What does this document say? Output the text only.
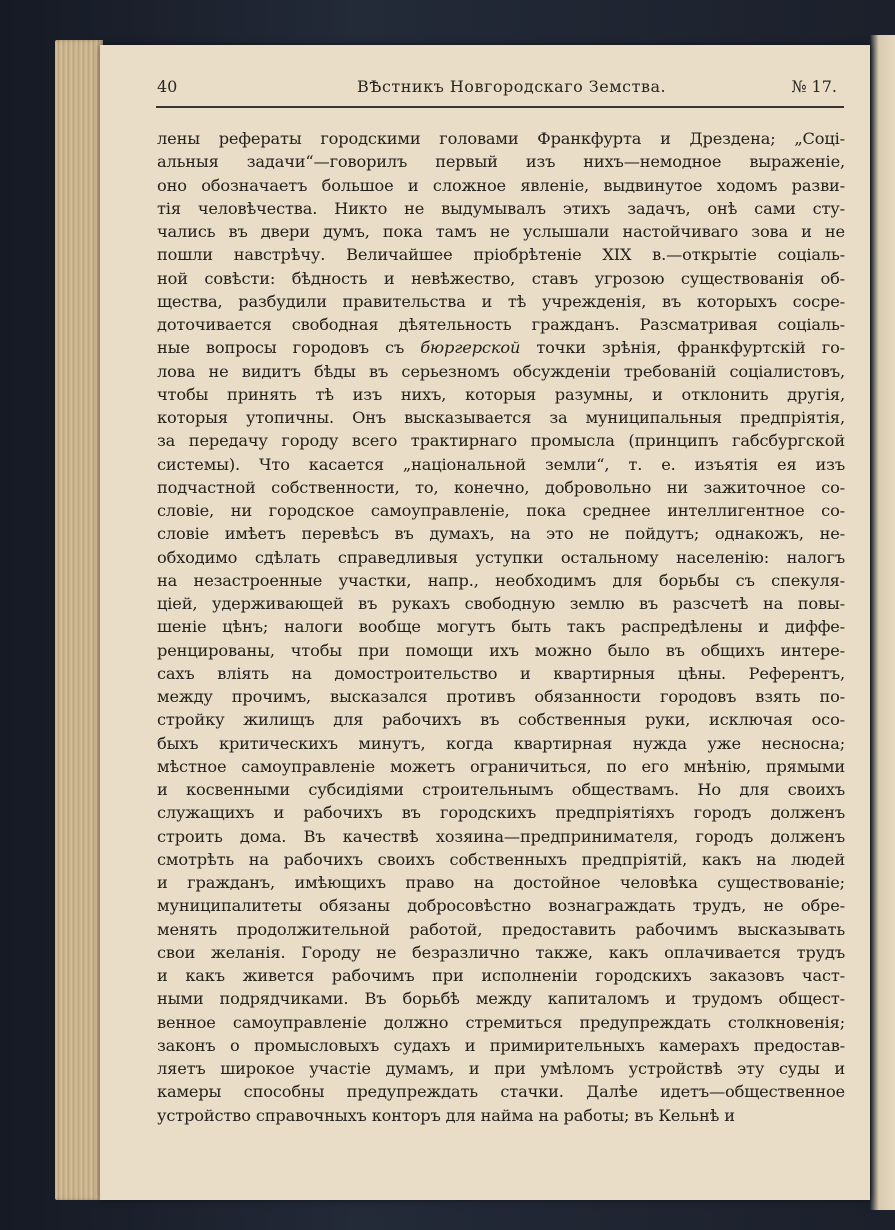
40	ВѢстникъ Новгородскаго Земства.	№ 17.
лены рефераты городскими головами Франкфурта и Дрездена; „Соці-
альныя задачи“—говорилъ первый изъ нихъ—немодное выраженіе,
оно обозначаетъ большое и сложное явленіе, выдвинутое ходомъ разви-
тія человѣчества. Никто не выдумывалъ этихъ задачъ, онѣ сами сту-
чались въ двери думъ, пока тамъ не услышали настойчиваго зова и не
пошли навстрѣчу. Величайшее пріобрѣтеніе XIX в.—открытіе соціаль-
ной совѣсти: бѣдность и невѣжество, ставъ угрозою существованія об-
щества, разбудили правительства и тѣ учрежденія, въ которыхъ сосре-
доточивается свободная дѣятельность гражданъ. Разсматривая соціаль-
ные вопросы городовъ съ бюргерской точки зрѣнія, франкфуртскій го-
лова не видитъ бѣды въ серьезномъ обсужденіи требованій соціалистовъ,
чтобы принять тѣ изъ нихъ, которыя разумны, и отклонить другія,
которыя утопичны. Онъ высказывается за муниципальныя предпріятія,
за передачу городу всего трактирнаго промысла (принципъ габсбургской
системы). Что касается „національной земли“, т. е. изъятія ея изъ
подчастной собственности, то, конечно, добровольно ни зажиточное со-
словіе, ни городское самоуправленіе, пока среднее интеллигентное со-
словіе имѣетъ перевѣсъ въ думахъ, на это не пойдутъ; однакожъ, не-
обходимо сдѣлать справедливыя уступки остальному населенію: налогъ
на незастроенные участки, напр., необходимъ для борьбы съ спекуля-
ціей, удерживающей въ рукахъ свободную землю въ разсчетѣ на повы-
шеніе цѣнъ; налоги вообще могутъ быть такъ распредѣлены и диффе-
ренцированы, чтобы при помощи ихъ можно было въ общихъ интере-
сахъ влiять на домостроительство и квартирныя цѣны. Референтъ,
между прочимъ, высказался противъ обязанности городовъ взять по-
стройку жилищъ для рабочихъ въ собственныя руки, исключая осо-
быхъ критическихъ минутъ, когда квартирная нужда уже несносна;
мѣстное самоуправленіе можетъ ограничиться, по его мнѣнію, прямыми
и косвенными субсидіями строительнымъ обществамъ. Но для своихъ
служащихъ и рабочихъ въ городскихъ предпріятіяхъ городъ долженъ
строить дома. Въ качествѣ хозяина—предпринимателя, городъ долженъ
смотрѣть на рабочихъ своихъ собственныхъ предпріятій, какъ на людей
и гражданъ, имѣющихъ право на достойное человѣка существованіе;
муниципалитеты обязаны добросовѣстно вознаграждать трудъ, не обре-
менять продолжительной работой, предоставить рабочимъ высказывать
свои желанія. Городу не безразлично также, какъ оплачивается трудъ
и какъ живется рабочимъ при исполненіи городскихъ заказовъ част-
ными подрядчиками. Въ борьбѣ между капиталомъ и трудомъ общест-
венное самоуправленіе должно стремиться предупреждать столкновенія;
законъ о промысловыхъ судахъ и примирительныхъ камерахъ предостав-
ляетъ широкое участіе думамъ, и при умѣломъ устройствѣ эту суды и
камеры способны предупреждать стачки. Далѣе идетъ—общественное
устройство справочныхъ конторъ для найма на работы; въ Кельнѣ и
